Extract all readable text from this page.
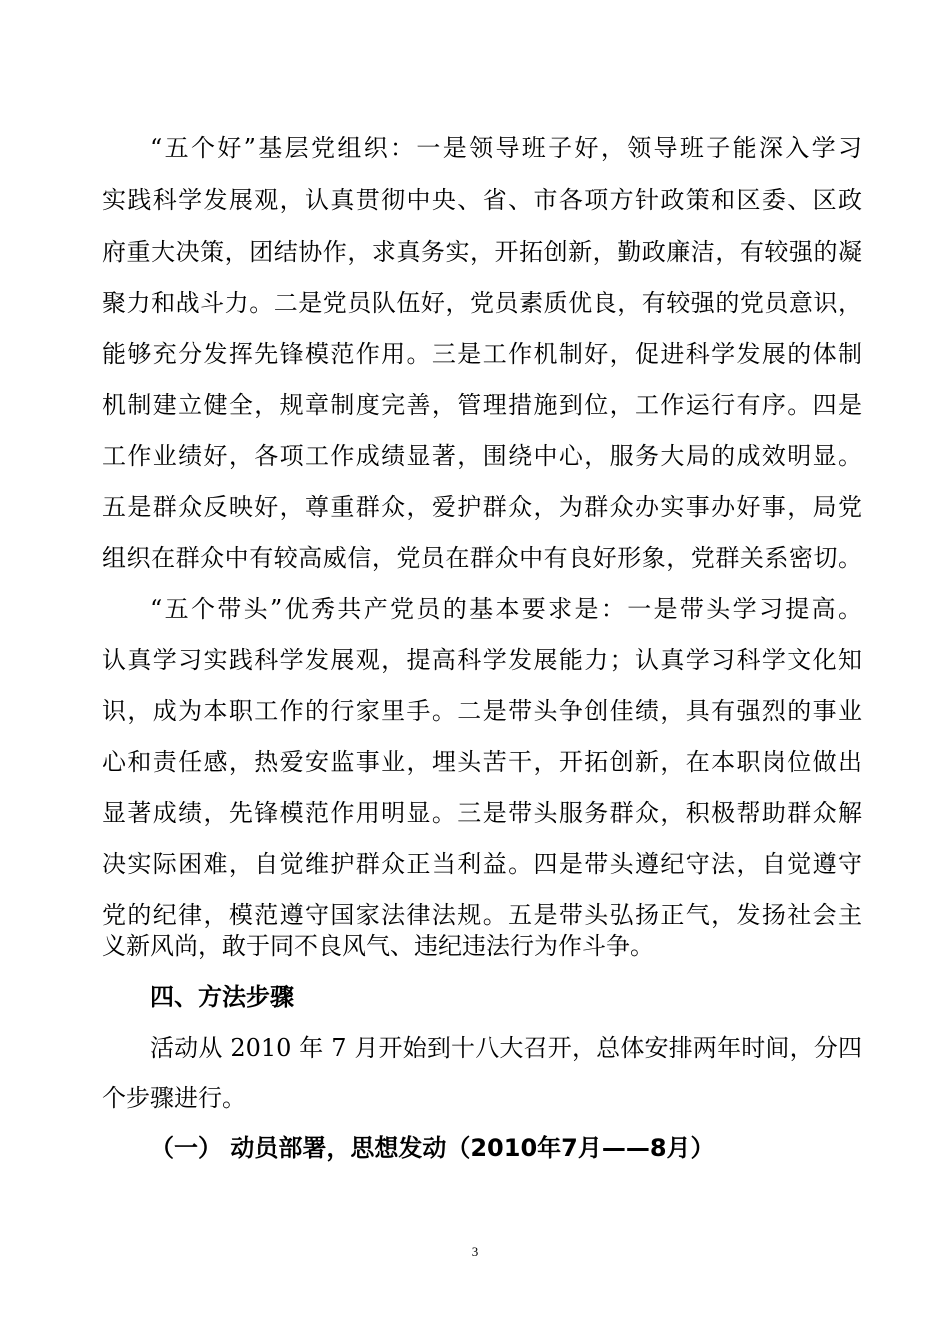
“五个好”基层党组织：一是领导班子好，领导班子能深入学习
实践科学发展观，认真贯彻中央、省、市各项方针政策和区委、区政
府重大决策，团结协作，求真务实，开拓创新，勤政廉洁，有较强的凝
聚力和战斗力。二是党员队伍好，党员素质优良，有较强的党员意识，
能够充分发挥先锋模范作用。三是工作机制好，促进科学发展的体制
机制建立健全，规章制度完善，管理措施到位，工作运行有序。四是
工作业绩好，各项工作成绩显著，围绕中心，服务大局的成效明显。
五是群众反映好，尊重群众，爱护群众，为群众办实事办好事，局党
组织在群众中有较高威信，党员在群众中有良好形象，党群关系密切。
“五个带头”优秀共产党员的基本要求是：一是带头学习提高。
认真学习实践科学发展观，提高科学发展能力；认真学习科学文化知
识，成为本职工作的行家里手。二是带头争创佳绩，具有强烈的事业
心和责任感，热爱安监事业，埋头苦干，开拓创新，在本职岗位做出
显著成绩，先锋模范作用明显。三是带头服务群众，积极帮助群众解
决实际困难，自觉维护群众正当利益。四是带头遵纪守法，自觉遵守
党的纪律，模范遵守国家法律法规。五是带头弘扬正气，发扬社会主
义新风尚，敢于同不良风气、违纪违法行为作斗争。
四、方法步骤
活动从 2010 年 7 月开始到十八大召开，总体安排两年时间，分四
个步骤进行。
（一） 动员部署，思想发动（2010年7月——8月）
3
